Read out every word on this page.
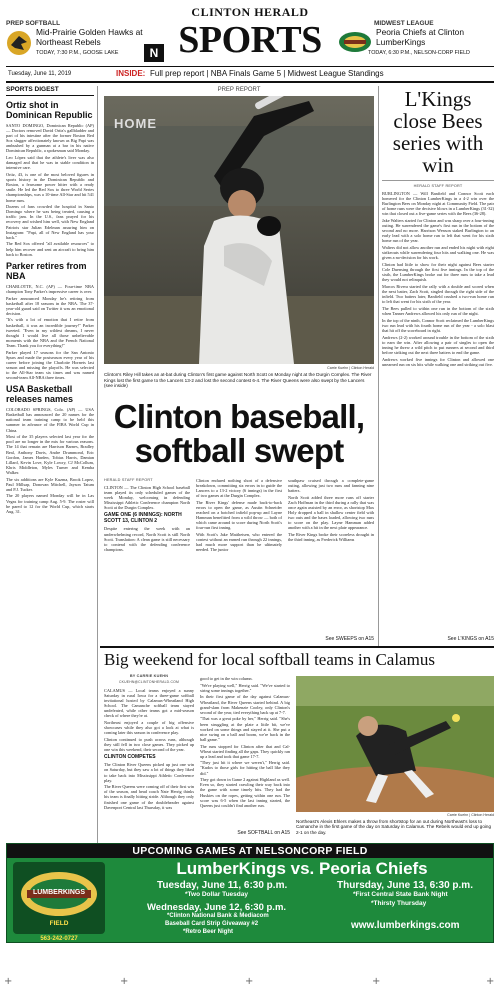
CLINTON HERALD
PREP SOFTBALL
Mid-Prairie Golden Hawks at Northeast Rebels
TODAY, 7:30 P.M., GOOSE LAKE	N SPORTS	MIDWEST LEAGUE
Peoria Chiefs at Clinton LumberKings
TODAY, 6:30 P.M., NELSON-CORP FIELD
Tuesday, June 11, 2019	INSIDE: Full prep report | NBA Finals Game 5 | Midwest League Standings
SPORTS DIGEST
Ortiz shot in Dominican Republic

SANTO DOMINGO, Dominican Republic (AP) — Doctors removed David Ortiz's gallbladder and part of his intestine after the former Boston Red Sox slugger affectionately known as Big Papi was ambushed by a gunman at a bar in his native Dominican Republic, a spokesman said Monday.

Leo López said that the athlete's liver was also damaged and that he was in stable condition in intensive care.

Ortiz, 43, is one of the most beloved figures in sports history in the Dominican Republic and Boston, a fearsome power hitter with a ready smile. He led the Red Sox to three World Series championships, was a 10-time All-Star and hit 541 home runs.

Dozens of fans crowded the hospital in Santo Domingo where he was being treated, causing a traffic jam. In the U.S., fans prayed for his recovery and wished him well, with New England Patriots star Julian Edelman assuring him on Instagram: "Papi, all of New England has your back."

The Red Sox offered "all available resources" to help him recover and sent an aircraft to bring him back to Boston.

Parker retires from NBA

CHARLOTTE, N.C. (AP) — Four-time NBA champion Tony Parker's impressive career is over.

Parker announced Monday he's retiring from basketball after 18 seasons in the NBA. The 37-year-old guard said on Twitter it was an emotional decision.

"It's with a lot of emotion that I retire from basketball, it was an incredible journey!" Parker tweeted. "Even in my wildest dreams, I never thought I would live all those unbelievable moments with the NBA and the French National Team. Thank you for everything!"

Parker played 17 seasons for the San Antonio Spurs and made the postseason every year of his career before joining the Charlotte Hornets last season and missing the playoffs. He was selected to the All-Star team six times and was named second-team All-NBA three times.

USA Basketball releases names

COLORADO SPRINGS, Colo. (AP) — USA Basketball has announced the 20 names for the national team training camp to be held this summer in advance of the FIBA World Cup in China.

Most of the 35 players selected last year for the pool are no longer in the mix for various reasons. The 14 that remain are Harrison Barnes, Bradley Beal, Anthony Davis, Andre Drummond, Eric Gordon, James Harden, Tobias Harris, Damian Lillard, Kevin Love, Kyle Lowry, CJ McCollum, Khris Middleton, Myles Turner and Kemba Walker.

The six additions are Kyle Kuzma, Brook Lopez, Paul Millsap, Donovan Mitchell, Jayson Tatum and P.J. Tucker.

The 20 players named Monday will be in Las Vegas for training camp Aug. 5-9. The roster will be pared to 12 for the World Cup, which starts Aug. 31.

PREP REPORT
HOME
Carrie Kuehn | Clinton Herald
Clinton's Riley Hill takes an at-bat during Clinton's first game against North Scott on Monday night at the Durgin Complex. The River Kings lost the first game to the Lancers 13-2 and lost the second contest 6-4. The River Queens were also swept by the Lancers (see inside)
L'Kings close Bees series with win
HERALD STAFF REPORT

BURLINGTON — Will Banfield and Connor Scott each homered for the Clinton LumberKings in a 4-2 win over the Burlington Bees on Monday night at Community Field. The pair of home runs were the decisive blows in a LumberKings (31-32) win that closed out a five-game series with the Bees (36-28).

Jake Walters started for Clinton and was sharp over a four-inning outing. He surrendered the game's first run in the bottom of the second and no more. Harrison Wenson staked Burlington to an early lead with a solo home run to left that went for his sixth home run of the year.

Walters did not allow another run and ended his night with eight strikeouts while surrendering four hits and walking one. He was given a no-decision for his work.

Clinton had little to show for their night against Bees starter Cole Duensing through the first five innings. In the top of the sixth, the LumberKings broke out for three runs to take a lead they would not relinquish.

Marcos Rivera started the rally with a double and scored when the next batter, Zach Scott, singled through the right side of the infield. Two batters later, Banfield crushed a two-run home run to left that went for his sixth of the year.

The Bees pulled to within one run in the bottom of the sixth when Tanner Andrews allowed his only run of the night.

In the top of the ninth, Connor Scott reclaimed the LumberKings two run lead with his fourth home run of the year - a solo blast that hit off the scoreboard in right.

Andrews (2-2) worked around trouble in the bottom of the sixth to earn the win. After allowing a pair of singles to open the inning he threw a wild pitch to put runners at second and third before striking out the next three batters to end the game.

Andrews worked five innings for Clinton and allowed one unearned run on six hits while walking one and striking out five.

See L'KINGS on A15
Clinton baseball, softball swept
HERALD STAFF REPORT

CLINTON — The Clinton High School baseball team played its only scheduled games of the week Monday, welcoming in defending Mississippi Athletic Conference champion North Scott at the Durgin Complex.

GAME ONE (6 INNINGS): NORTH SCOTT 13, CLINTON 2

Despite entering the week with an underwhelming record, North Scott is still North Scott. Translation: A clean game is still necessary to contend with the defending conference champions.

Clinton endured nothing short of a defensive breakdown, committing six errors in to guide the Lancers to a 13-2 victory (6 innings) in the first of two games at the Durgin Complex.

The River Kings' defense made back-to-back errors to open the game, as Austin Schneider reached on a botched infield pop-up and Layne Hamman benefitted from a wild throw — both of which came around to score during North Scott's four-run first inning.

With Scott's Jake Mattheisen, who entered the contest without an earned run through 22 innings, had much more support than he ultimately needed. The junior

southpaw cruised through a complete-game outing, allowing just two runs and fanning nine batters.

North Scott added three more runs off starter Zach Hoffman in the third during a rally that was once again assisted by an error, as shortstop Max Holy dropped a ball in shallow center field with two outs and the bases loaded, allowing two runs to score on the play. Layne Hamman added another with a hit in the next plate appearance.

The River Kings broke their scoreless drought in the third inning, as Frederick Williams

See SWEEPS on A15
Big weekend for local softball teams in Calamus
BY CARRIE KUEHN
CKUEHN@CLINTONHERALD.COM

CALAMUS — Local teams enjoyed a sunny Saturday in rural Iowa for a three-game softball invitational hosted by Calamus-Wheatland High School. The Camanche softball team stayed undefeated, while other teams got a mid-season check of where they're at.

Northeast enjoyed a couple of big offensive showcases while they also got a look at what is coming later this season in conference play.

Clinton continued to push across runs, although they still fell in two close games. They picked up one win this weekend, their second of the year.

CLINTON COMPETES

The Clinton River Queens picked up just one win on Saturday, but they saw a lot of things they liked to take back into Mississippi Athletic Conference play.

The River Queens were coming off of their first win of the season, and head coach Nate Herrig thinks his team is finally hitting stride. Although they only finished one game of the doubleheader against Davenport Central last Thursday, it was

good to get in the win column.

"We're playing well," Herrig said. "We've started to string some innings together."

In their first game of the day against Calamus-Wheatland, the River Queens started behind. A big grand-slam from Makenzie Cooley, only Clinton's second of the year, tied everything back up at 7-7.

"That was a great poke by her," Herrig said. "She's been struggling at the plate a little bit, we've worked on some things and stayed at it. She put a nice swing on a ball and boom, we're back in the ball game."

The runs stopped for Clinton after that and Cal-Wheat started finding all the gaps. They quickly ran up a lead and took that game 17-7.

"They just hit it where we weren't," Herrig said. "Kudos to those girls for hitting the ball like they did."

They got down in Game 2 against Highland as well. Even so, they started crawling their way back into the game with some timely hits. They had the Huskies on the ropes, getting within one run. The score was 6-5 when the last inning started, the Queens just couldn't find another run.

See SOFTBALL on A15
Carrie Kuehn | Clinton Herald
Northeast's Alexis Ehlers makes a throw from shortstop for an out during Northeast's loss to Camanche in the first game of the day on Saturday in Calamus. The Rebels would end up going 2-1 on the day.
UPCOMING GAMES AT NELSONCORP FIELD
LUMBERKINGS
FIELD
LumberKings vs. Peoria Chiefs
Tuesday, June 11, 6:30 p.m.
*Two Dollar Tuesday
Wednesday, June 12, 6:30 p.m.
*Clinton National Bank & Mediacom
Baseball Card Strip Giveaway #2
*Retro Beer Night
Thursday, June 13, 6:30 p.m.
*First Central State Bank Night
*Thirsty Thursday
www.lumberkings.com
563-242-0727
+	+	+	+	+
